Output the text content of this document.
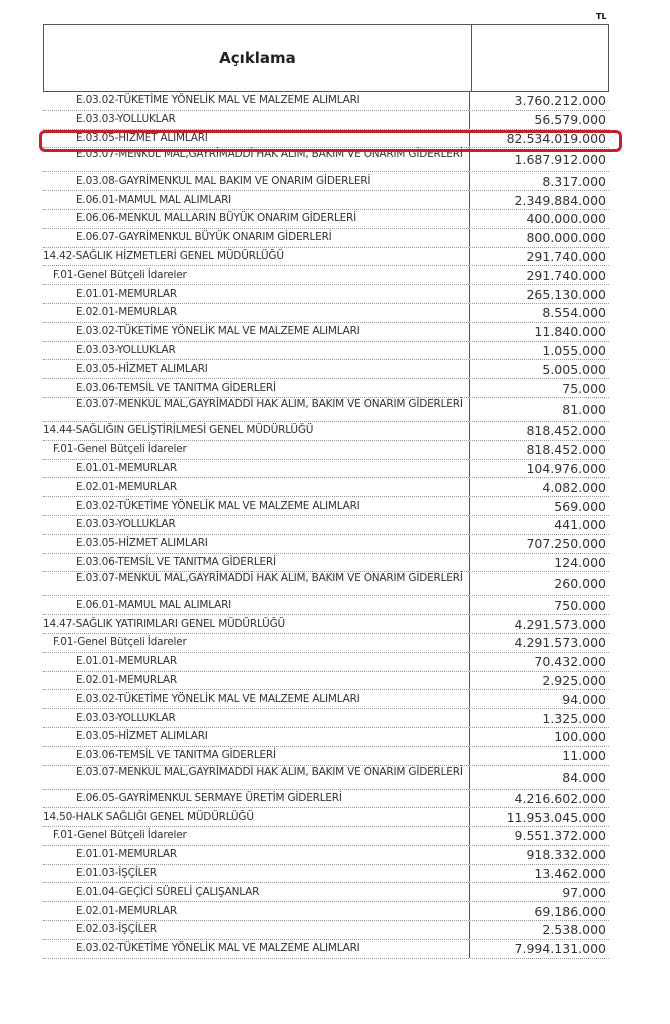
TL
Açıklama
E.03.02-TÜKETİME YÖNELİK MAL VE MALZEME ALIMLARI	3.760.212.000
E.03.03-YOLLUKLAR	56.579.000
E.03.05-HİZMET ALIMLARI	82.534.019.000
E.03.07-MENKUL MAL,GAYRİMADDİ HAK ALIM, BAKIM VE ONARIM GİDERLERİ	1.687.912.000
E.03.08-GAYRİMENKUL MAL BAKIM VE ONARIM GİDERLERİ	8.317.000
E.06.01-MAMUL MAL ALIMLARI	2.349.884.000
E.06.06-MENKUL MALLARIN BÜYÜK ONARIM GİDERLERİ	400.000.000
E.06.07-GAYRİMENKUL BÜYÜK ONARIM GİDERLERİ	800.000.000
14.42-SAĞLIK HİZMETLERİ GENEL MÜDÜRLÜĞÜ	291.740.000
F.01-Genel Bütçeli İdareler	291.740.000
E.01.01-MEMURLAR	265.130.000
E.02.01-MEMURLAR	8.554.000
E.03.02-TÜKETİME YÖNELİK MAL VE MALZEME ALIMLARI	11.840.000
E.03.03-YOLLUKLAR	1.055.000
E.03.05-HİZMET ALIMLARI	5.005.000
E.03.06-TEMSİL VE TANITMA GİDERLERİ	75.000
E.03.07-MENKUL MAL,GAYRİMADDİ HAK ALIM, BAKIM VE ONARIM GİDERLERİ	81.000
14.44-SAĞLIĞIN GELİŞTİRİLMESİ GENEL MÜDÜRLÜĞÜ	818.452.000
F.01-Genel Bütçeli İdareler	818.452.000
E.01.01-MEMURLAR	104.976.000
E.02.01-MEMURLAR	4.082.000
E.03.02-TÜKETİME YÖNELİK MAL VE MALZEME ALIMLARI	569.000
E.03.03-YOLLUKLAR	441.000
E.03.05-HİZMET ALIMLARI	707.250.000
E.03.06-TEMSİL VE TANITMA GİDERLERİ	124.000
E.03.07-MENKUL MAL,GAYRİMADDİ HAK ALIM, BAKIM VE ONARIM GİDERLERİ	260.000
E.06.01-MAMUL MAL ALIMLARI	750.000
14.47-SAĞLIK YATIRIMLARI GENEL MÜDÜRLÜĞÜ	4.291.573.000
F.01-Genel Bütçeli İdareler	4.291.573.000
E.01.01-MEMURLAR	70.432.000
E.02.01-MEMURLAR	2.925.000
E.03.02-TÜKETİME YÖNELİK MAL VE MALZEME ALIMLARI	94.000
E.03.03-YOLLUKLAR	1.325.000
E.03.05-HİZMET ALIMLARI	100.000
E.03.06-TEMSİL VE TANITMA GİDERLERİ	11.000
E.03.07-MENKUL MAL,GAYRİMADDİ HAK ALIM, BAKIM VE ONARIM GİDERLERİ	84.000
E.06.05-GAYRİMENKUL SERMAYE ÜRETİM GİDERLERİ	4.216.602.000
14.50-HALK SAĞLIĞI GENEL MÜDÜRLÜĞÜ	11.953.045.000
F.01-Genel Bütçeli İdareler	9.551.372.000
E.01.01-MEMURLAR	918.332.000
E.01.03-İŞÇİLER	13.462.000
E.01.04-GEÇİCİ SÜRELİ ÇALIŞANLAR	97.000
E.02.01-MEMURLAR	69.186.000
E.02.03-İŞÇİLER	2.538.000
E.03.02-TÜKETİME YÖNELİK MAL VE MALZEME ALIMLARI	7.994.131.000
